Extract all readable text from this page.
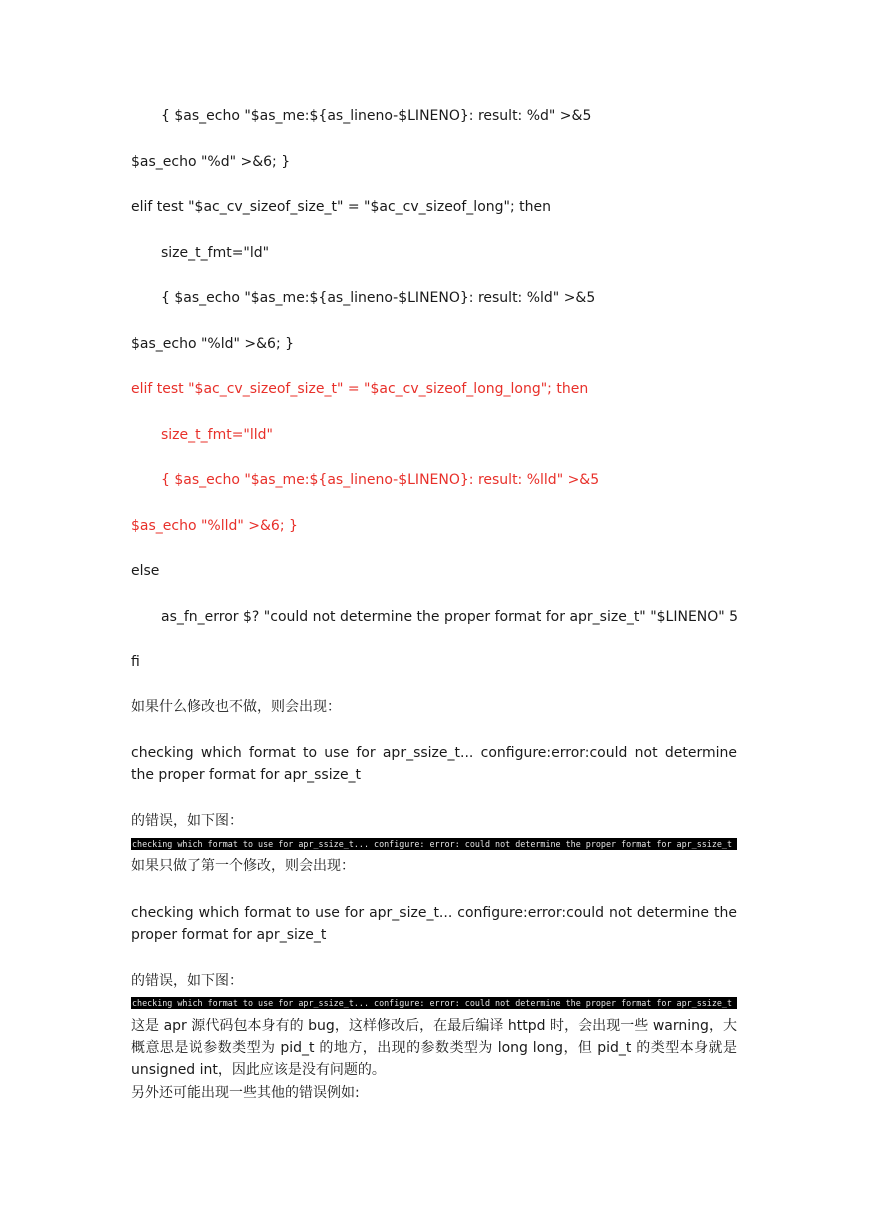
{ $as_echo "$as_me:${as_lineno-$LINENO}: result: %d" >&5
$as_echo "%d" >&6; }
elif test "$ac_cv_sizeof_size_t" = "$ac_cv_sizeof_long"; then
size_t_fmt="ld"
{ $as_echo "$as_me:${as_lineno-$LINENO}: result: %ld" >&5
$as_echo "%ld" >&6; }
elif test "$ac_cv_sizeof_size_t" = "$ac_cv_sizeof_long_long"; then
size_t_fmt="lld"
{ $as_echo "$as_me:${as_lineno-$LINENO}: result: %lld" >&5
$as_echo "%lld" >&6; }
else
as_fn_error $? "could not determine the proper format for apr_size_t" "$LINENO" 5
fi
如果什么修改也不做，则会出现：
checking which format to use for apr_ssize_t... configure:error:could not determine the proper format for apr_ssize_t
的错误，如下图：
checking which format to use for apr_ssize_t... configure: error: could not determine the proper format for apr_ssize_t
如果只做了第一个修改，则会出现：
checking which format to use for apr_size_t... configure:error:could not determine the proper format for apr_size_t
的错误，如下图：
checking which format to use for apr_ssize_t... configure: error: could not determine the proper format for apr_ssize_t
这是 apr 源代码包本身有的 bug，这样修改后，在最后编译 httpd 时，会出现一些 warning，大概意思是说参数类型为 pid_t 的地方，出现的参数类型为 long long，但 pid_t 的类型本身就是 unsigned int，因此应该是没有问题的。
另外还可能出现一些其他的错误例如:
